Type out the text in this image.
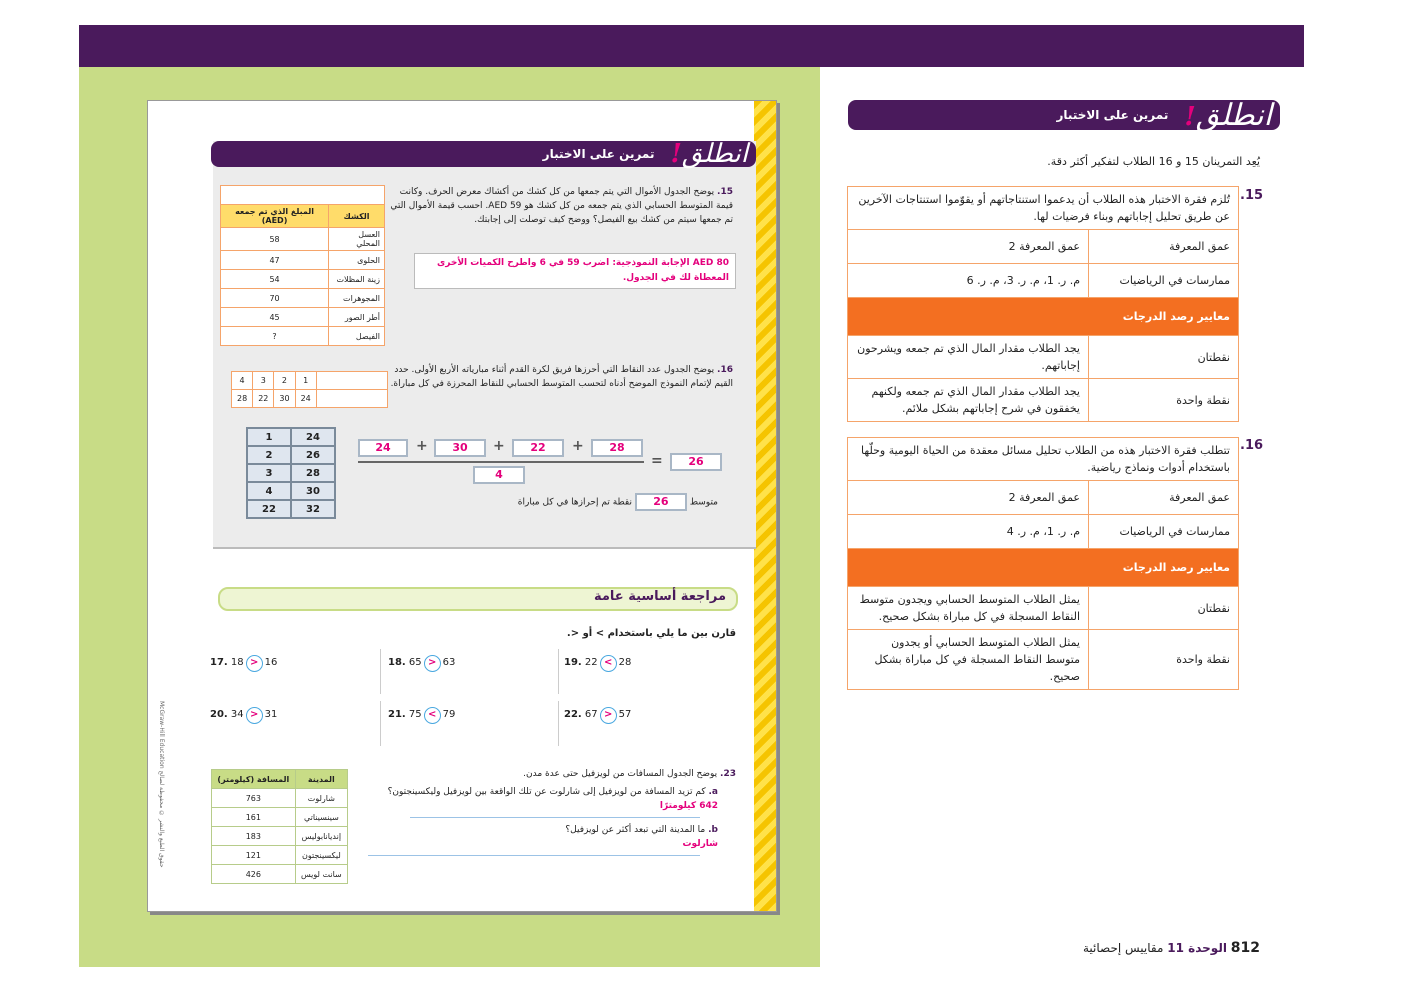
انطلق!
تمرين على الاختبار
معرض الحرف الشمالي	
الكشك	المبلغ الذي تم جمعه (AED)
العسل المحلي	58
الحلوى	47
زينة المظلات	54
المجوهرات	70
أطر الصور	45
الفيصل	?
15. يوضح الجدول الأموال التي يتم جمعها من كل كشك من أكشاك معرض الحرف. وكانت قيمة المتوسط الحسابي الذي يتم جمعه من كل كشك هو 59 AED. احسب قيمة الأموال التي تم جمعها سيتم من كشك بيع الفيصل؟ ووضح كيف توصلت إلى إجابتك.
AED 80 الإجابة النموذجية: اضرب 59 في 6 واطرح الكميات الأخرى المعطاة لك في الجدول.
16. يوضح الجدول عدد النقاط التي أحرزها فريق لكرة القدم أثناء مبارياته الأربع الأولى. حدد القيم لإتمام النموذج الموضح أدناه لتحسب المتوسط الحسابي للنقاط المحرزة في كل مباراة.
اللعبة	1	2	3	4
النقاط المحرزة	24	30	22	28
1	24
2	26
3	28
4	30
22	32
24	+	30	+	22	+	28
4
=	26
متوسط 26 نقطة تم إحرازها في كل مباراة
مراجعة أساسية عامة
قارن بين ما يلي باستخدام > أو <.
17. 18 > 16	18. 65 > 63	19. 22 < 28
20. 34 > 31	21. 75 < 79	22. 67 > 57
23. يوضح الجدول المسافات من لويزفيل حتى عدة مدن.
a. كم تزيد المسافة من لويزفيل إلى شارلوت عن تلك الواقعة بين لويزفيل وليكسينجتون؟ 642 كيلومترًا
b. ما المدينة التي تبعد أكثر عن لويزفيل؟
شارلوت
المدينة	المسافة (كيلومتر)
شارلوت	763
سينسيناتي	161
إنديانابوليس	183
ليكسينجتون	121
سانت لويس	426
McGraw-Hill Education حقوق الطبع والنشر © محفوظة لصالح
انطلق!
تمرين على الاختبار
يُعِد التمرينان 15 و 16 الطلاب لتفكير أكثر دقة.
.15
تُلزم فقرة الاختبار هذه الطلاب أن يدعموا استنتاجاتهم أو يقوّموا استنتاجات الآخرين عن طريق تحليل إجاباتهم وبناء فرضيات لها.	
عمق المعرفة	عمق المعرفة 2
ممارسات في الرياضيات	م. ر. 1، م. ر. 3، م. ر. 6
معايير رصد الدرجات	
نقطتان	يجد الطلاب مقدار المال الذي تم جمعه ويشرحون إجاباتهم.
نقطة واحدة	يجد الطلاب مقدار المال الذي تم جمعه ولكنهم يخفقون في شرح إجاباتهم بشكل ملائم.
.16
تتطلب فقرة الاختبار هذه من الطلاب تحليل مسائل معقدة من الحياة اليومية وحلّها باستخدام أدوات ونماذج رياضية.	
عمق المعرفة	عمق المعرفة 2
ممارسات في الرياضيات	م. ر. 1، م. ر. 4
معايير رصد الدرجات	
نقطتان	يمثل الطلاب المتوسط الحسابي ويجدون متوسط النقاط المسجلة في كل مباراة بشكل صحيح.
نقطة واحدة	يمثل الطلاب المتوسط الحسابي أو يجدون متوسط النقاط المسجلة في كل مباراة بشكل صحيح.
812 الوحدة 11 مقاييس إحصائية
